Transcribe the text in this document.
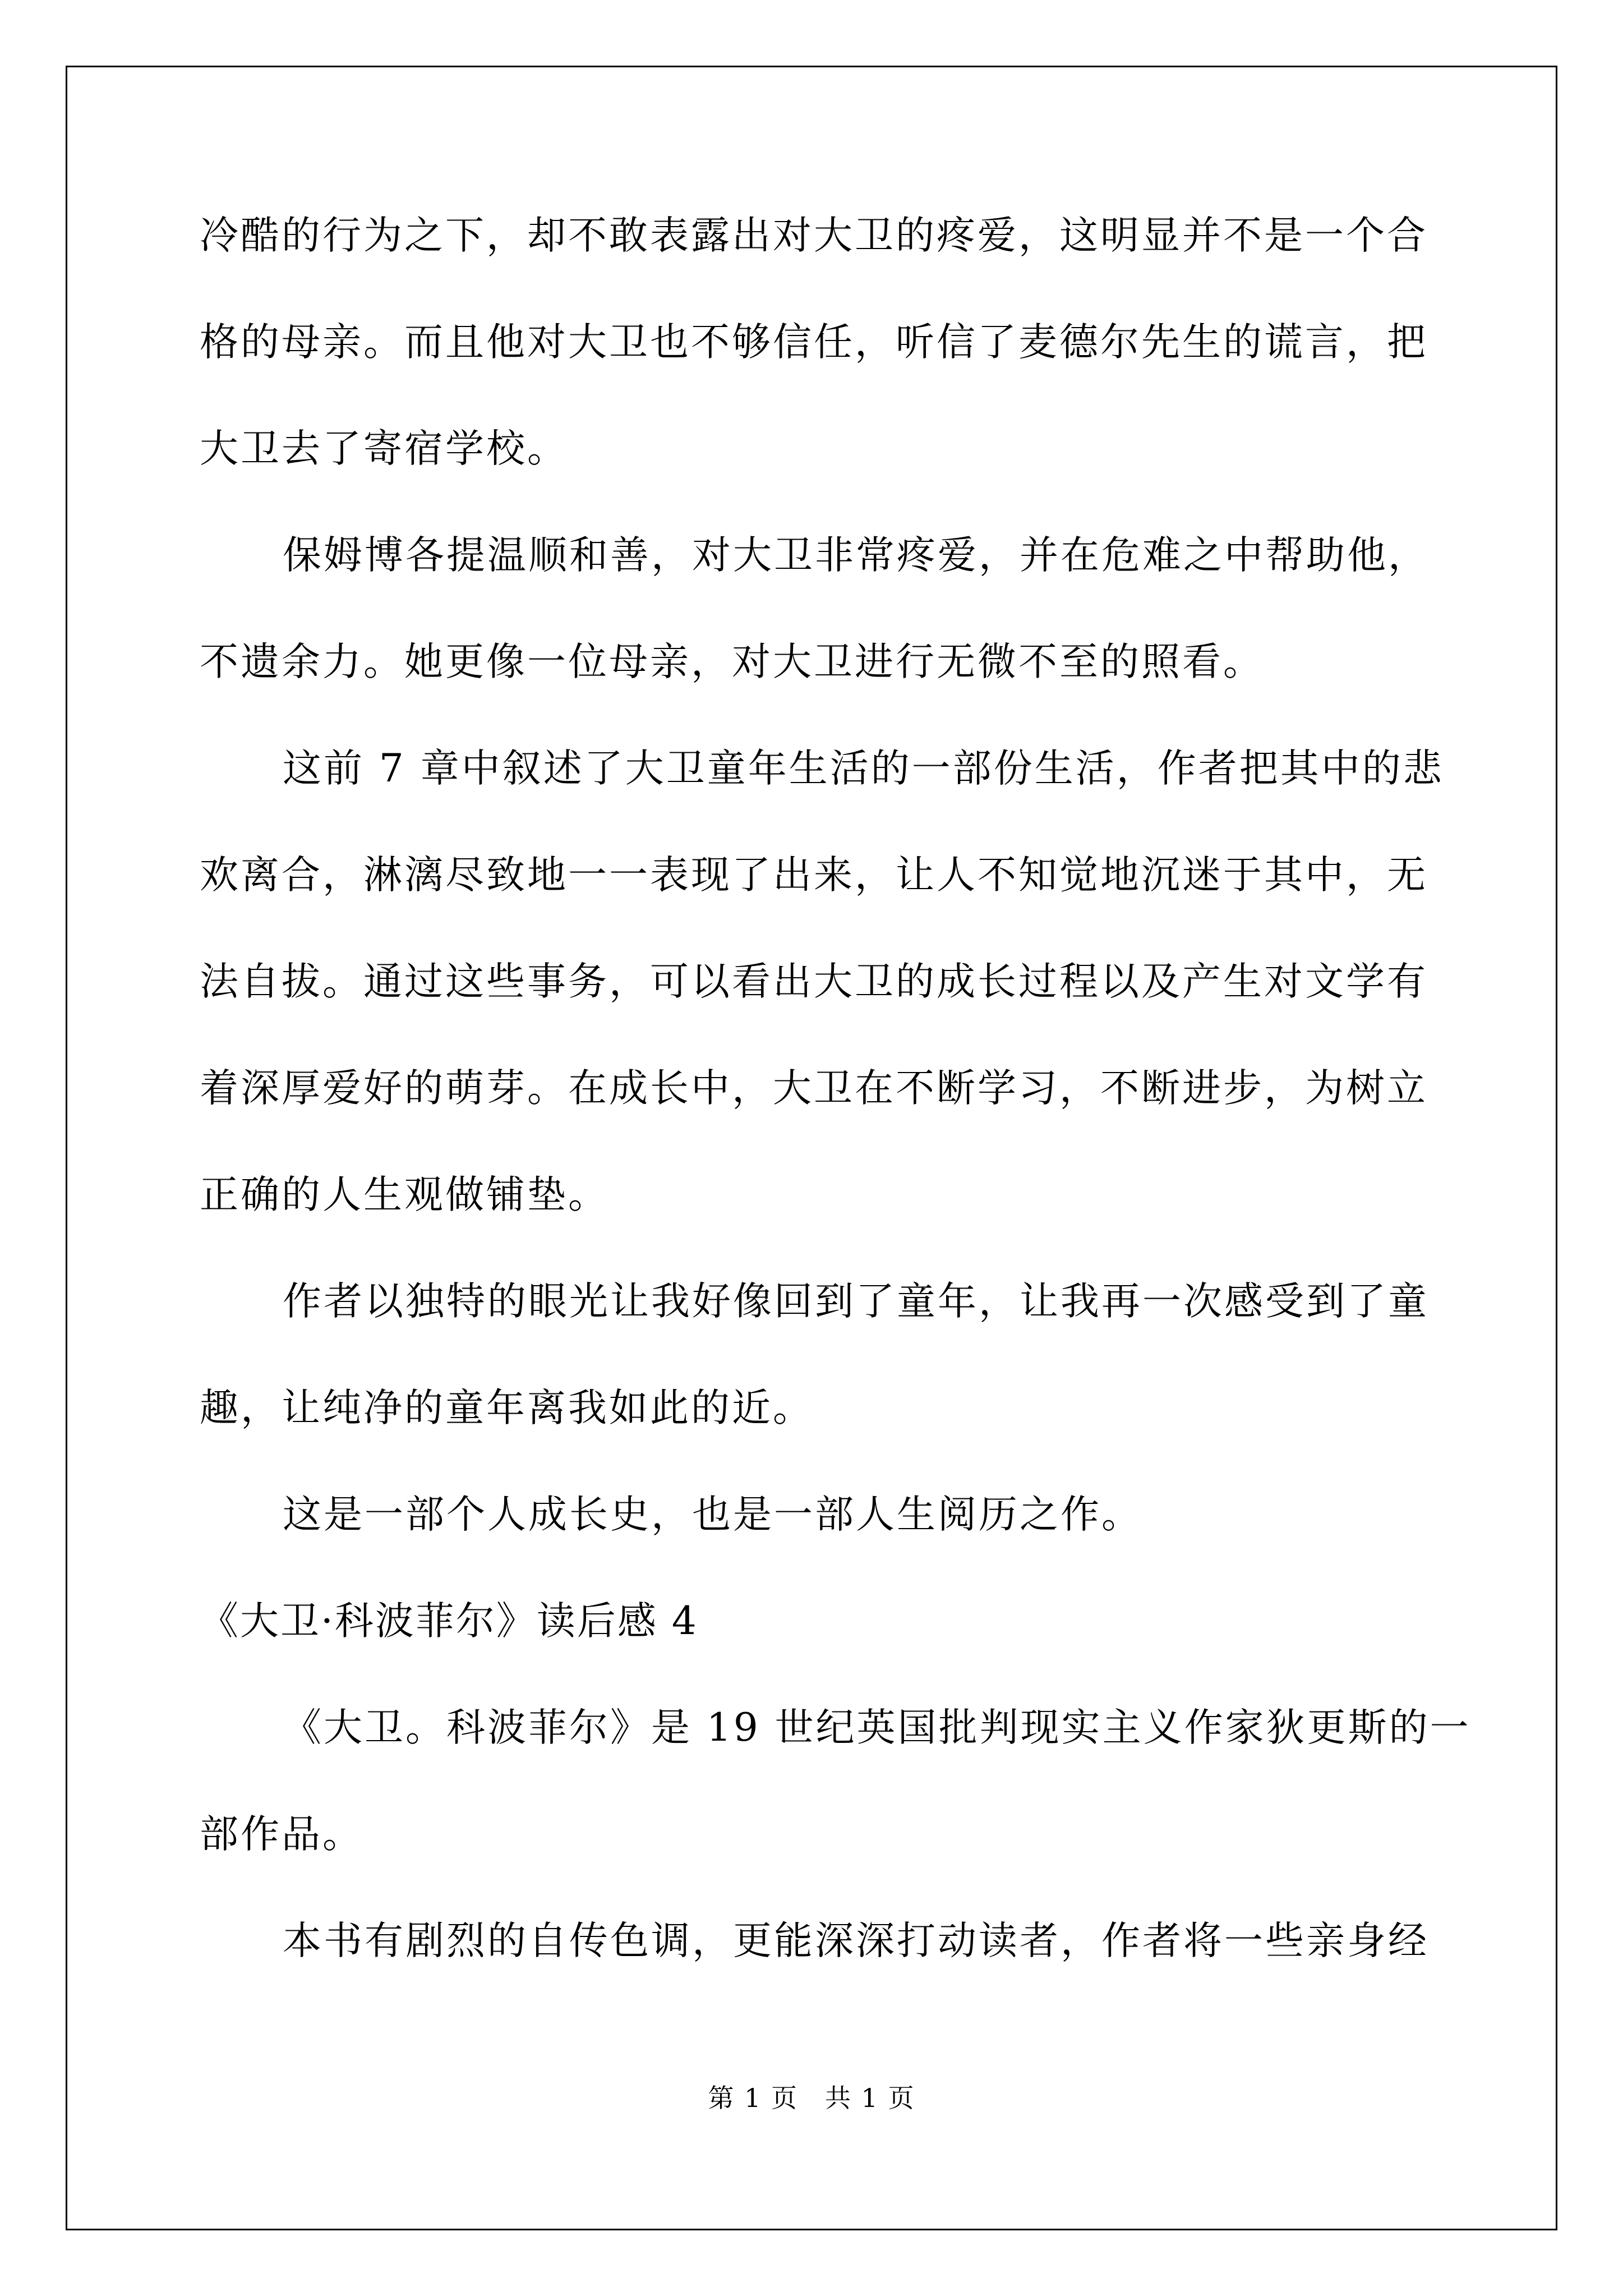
冷酷的行为之下，却不敢表露出对大卫的疼爱，这明显并不是一个合
格的母亲。而且他对大卫也不够信任，听信了麦德尔先生的谎言，把
大卫去了寄宿学校。
保姆博各提温顺和善，对大卫非常疼爱，并在危难之中帮助他，
不遗余力。她更像一位母亲，对大卫进行无微不至的照看。
这前 7 章中叙述了大卫童年生活的一部份生活，作者把其中的悲
欢离合，淋漓尽致地一一表现了出来，让人不知觉地沉迷于其中，无
法自拔。通过这些事务，可以看出大卫的成长过程以及产生对文学有
着深厚爱好的萌芽。在成长中，大卫在不断学习，不断进步，为树立
正确的人生观做铺垫。
作者以独特的眼光让我好像回到了童年，让我再一次感受到了童
趣，让纯净的童年离我如此的近。
这是一部个人成长史，也是一部人生阅历之作。
《大卫·科波菲尔》读后感 4
《大卫。科波菲尔》是 19 世纪英国批判现实主义作家狄更斯的一
部作品。
本书有剧烈的自传色调，更能深深打动读者，作者将一些亲身经
第 1 页　共 1 页
